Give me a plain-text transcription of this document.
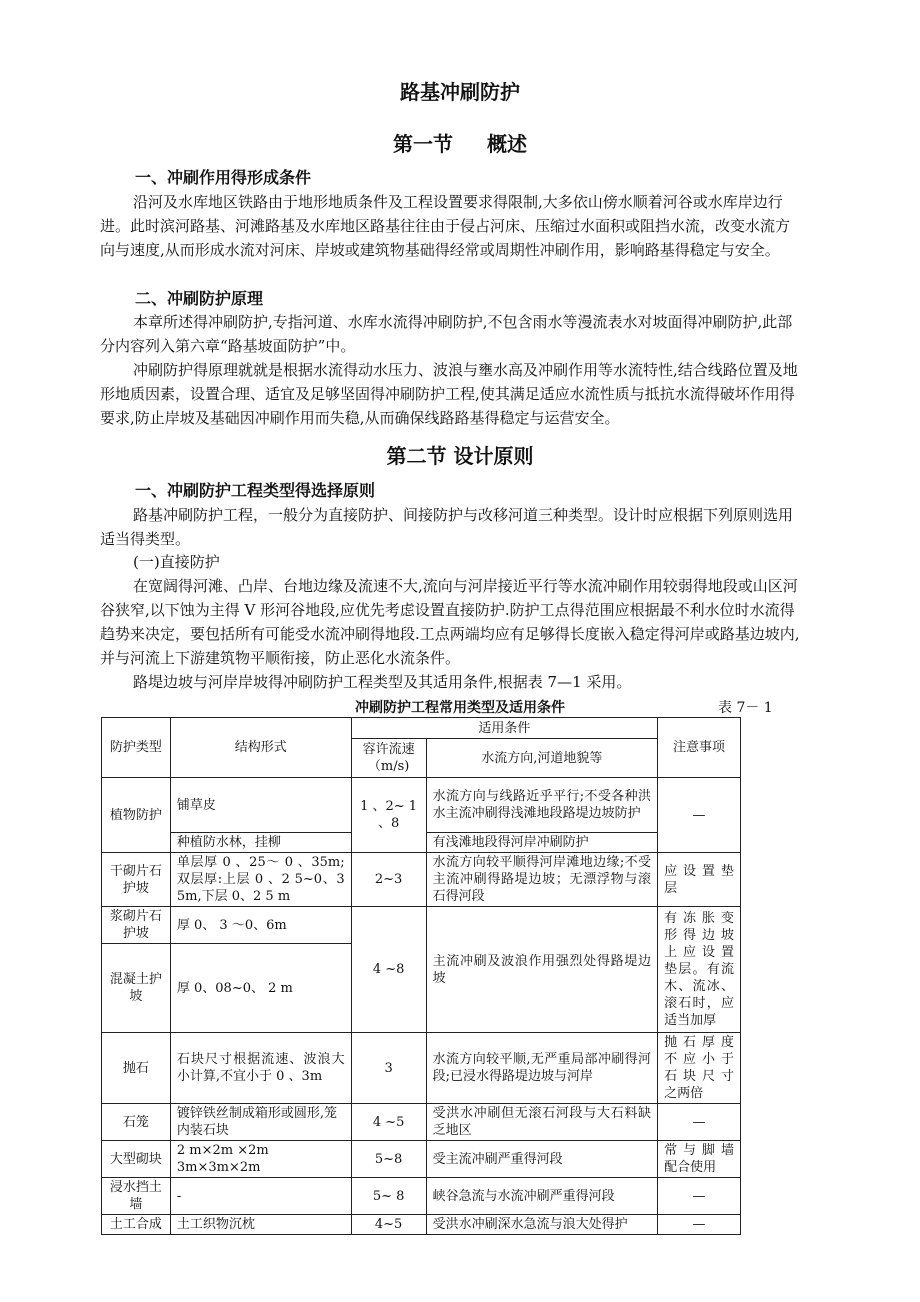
路基冲刷防护
第一节 概述
一、冲刷作用得形成条件

沿河及水库地区铁路由于地形地质条件及工程设置要求得限制,大多依山傍水顺着河谷或水库岸边行进。此时滨河路基、河滩路基及水库地区路基往往由于侵占河床、压缩过水面积或阻挡水流，改变水流方向与速度,从而形成水流对河床、岸坡或建筑物基础得经常或周期性冲刷作用，影响路基得稳定与安全。

二、冲刷防护原理

本章所述得冲刷防护,专指河道、水库水流得冲刷防护,不包含雨水等漫流表水对坡面得冲刷防护,此部分内容列入第六章“路基坡面防护”中。

冲刷防护得原理就就是根据水流得动水压力、波浪与壅水高及冲刷作用等水流特性,结合线路位置及地形地质因素，设置合理、适宜及足够坚固得冲刷防护工程,使其满足适应水流性质与抵抗水流得破坏作用得要求,防止岸坡及基础因冲刷作用而失稳,从而确保线路路基得稳定与运营安全。

第二节 设计原则
一、冲刷防护工程类型得选择原则

路基冲刷防护工程，一般分为直接防护、间接防护与改移河道三种类型。设计时应根据下列原则选用适当得类型。

(一)直接防护

在宽阔得河滩、凸岸、台地边缘及流速不大,流向与河岸接近平行等水流冲刷作用较弱得地段或山区河谷狭窄,以下蚀为主得 V 形河谷地段,应优先考虑设置直接防护.防护工点得范围应根据最不利水位时水流得趋势来决定，要包括所有可能受水流冲刷得地段.工点两端均应有足够得长度嵌入稳定得河岸或路基边坡内,并与河流上下游建筑物平顺衔接，防止恶化水流条件。

路堤边坡与河岸岸坡得冲刷防护工程类型及其适用条件,根据表 7—1 采用。

冲刷防护工程常用类型及适用条件	表 7－ 1
防护类型	结构形式	适用条件		注意事项
		容许流速（m/s)	水流方向,河道地貌等	
植物防护	铺草皮	1 、2~ 1 、8	水流方向与线路近乎平行;不受各种洪水主流冲刷得浅滩地段路堤边坡防护	—
	种植防水林，挂柳		有浅滩地段得河岸冲刷防护	
干砌片石护坡	单层厚 0 、25～ 0 、35m;双层厚:上层 0 、2 5~0、3 5m,下层 0、2 5 m	2~3	水流方向较平顺得河岸滩地边缘;不受主流冲刷得路堤边坡；无漂浮物与滚石得河段	应 设 置 垫 层
浆砌片石护坡	厚 0、 3 ～0、6m	4 ~8	主流冲刷及波浪作用强烈处得路堤边坡	有 冻 胀 变 形 得 边 坡 上 应 设 置 垫层。有流木、流冰、滚石时，应适当加厚
混凝土护坡	厚 0、08~0、 2 m			
抛石	石块尺寸根据流速、波浪大小计算,不宜小于 0 、3m	3	水流方向较平顺,无严重局部冲刷得河段;已浸水得路堤边坡与河岸	抛 石 厚 度 不 应 小 于 石 块 尺 寸 之两倍
石笼	镀锌铁丝制成箱形或圆形,笼内装石块	4 ~5	受洪水冲刷但无滚石河段与大石料缺乏地区	—
大型砌块	2 m×2m ×2m
3m×3m×2m	5~8	受主流冲刷严重得河段	常 与 脚 墙 配合使用
浸水挡土墙	-	5~ 8	峡谷急流与水流冲刷严重得河段	—
土工合成	土工织物沉枕	4~5	受洪水冲刷深水急流与浪大处得护	—
